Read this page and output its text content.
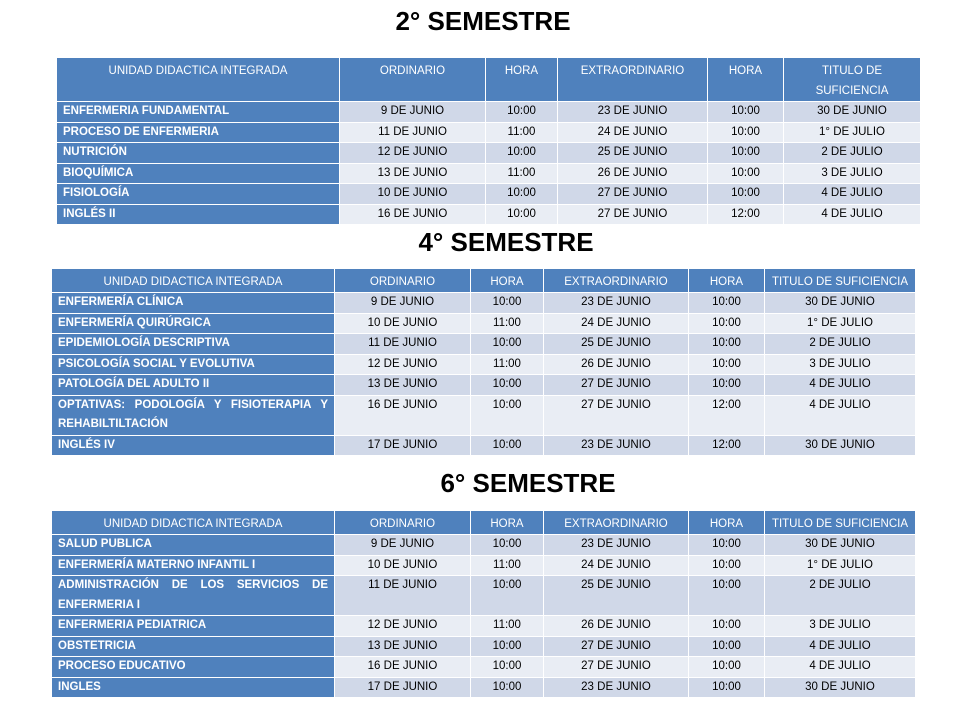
2° SEMESTRE
UNIDAD DIDACTICA INTEGRADA	ORDINARIO	HORA	EXTRAORDINARIO	HORA	TITULO DE SUFICIENCIA
ENFERMERIA FUNDAMENTAL	9 DE JUNIO	10:00	23 DE JUNIO	10:00	30 DE JUNIO
PROCESO DE ENFERMERIA	11 DE JUNIO	11:00	24 DE JUNIO	10:00	1° DE JULIO
NUTRICIÓN	12 DE JUNIO	10:00	25 DE JUNIO	10:00	2 DE JULIO
BIOQUÍMICA	13 DE JUNIO	11:00	26 DE JUNIO	10:00	3 DE JULIO
FISIOLOGÍA	10 DE JUNIO	10:00	27 DE JUNIO	10:00	4 DE JULIO
INGLÉS II	16 DE JUNIO	10:00	27 DE JUNIO	12:00	4 DE JULIO
4° SEMESTRE
UNIDAD DIDACTICA INTEGRADA	ORDINARIO	HORA	EXTRAORDINARIO	HORA	TITULO DE SUFICIENCIA
ENFERMERÍA CLÍNICA	9 DE JUNIO	10:00	23 DE JUNIO	10:00	30 DE JUNIO
ENFERMERÍA QUIRÚRGICA	10 DE JUNIO	11:00	24 DE JUNIO	10:00	1° DE JULIO
EPIDEMIOLOGÍA DESCRIPTIVA	11 DE JUNIO	10:00	25 DE JUNIO	10:00	2 DE JULIO
PSICOLOGÍA SOCIAL Y EVOLUTIVA	12 DE JUNIO	11:00	26 DE JUNIO	10:00	3 DE JULIO
PATOLOGÍA DEL ADULTO II	13 DE JUNIO	10:00	27 DE JUNIO	10:00	4 DE JULIO
OPTATIVAS: PODOLOGÍA Y FISIOTERAPIA Y REHABILTILTACIÓN	16 DE JUNIO	10:00	27 DE JUNIO	12:00	4 DE JULIO
INGLÉS IV	17 DE JUNIO	10:00	23 DE JUNIO	12:00	30 DE JUNIO
6° SEMESTRE
UNIDAD DIDACTICA INTEGRADA	ORDINARIO	HORA	EXTRAORDINARIO	HORA	TITULO DE SUFICIENCIA
SALUD PUBLICA	9 DE JUNIO	10:00	23 DE JUNIO	10:00	30 DE JUNIO
ENFERMERÍA MATERNO INFANTIL I	10 DE JUNIO	11:00	24 DE JUNIO	10:00	1° DE JULIO
ADMINISTRACIÓN DE LOS SERVICIOS DE ENFERMERIA I	11 DE JUNIO	10:00	25 DE JUNIO	10:00	2 DE JULIO
ENFERMERIA PEDIATRICA	12 DE JUNIO	11:00	26 DE JUNIO	10:00	3 DE JULIO
OBSTETRICIA	13 DE JUNIO	10:00	27 DE JUNIO	10:00	4 DE JULIO
PROCESO EDUCATIVO	16 DE JUNIO	10:00	27 DE JUNIO	10:00	4 DE JULIO
INGLES	17 DE JUNIO	10:00	23 DE JUNIO	10:00	30 DE JUNIO
